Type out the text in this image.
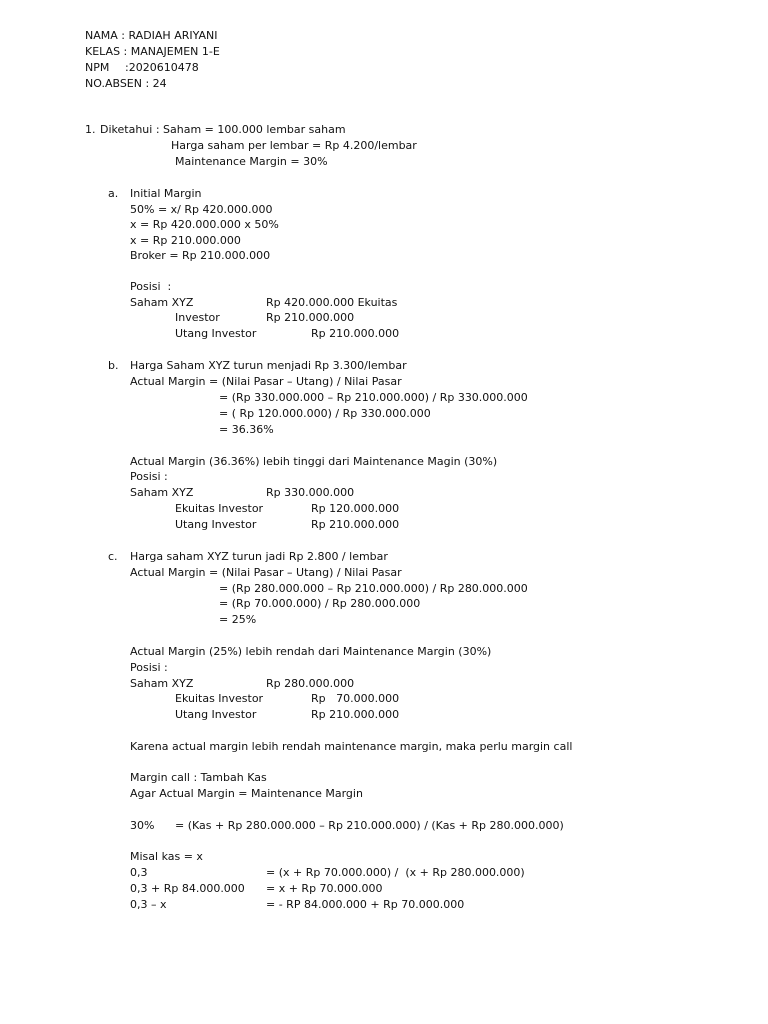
NAMA : RADIAH ARIYANI
KELAS : MANAJEMEN 1-E
NPM :2020610478
NO.ABSEN : 24
1. Diketahui : Saham = 100.000 lembar saham
Harga saham per lembar = Rp 4.200/lembar
Maintenance Margin = 30%
a. Initial Margin
50% = x/ Rp 420.000.000
x = Rp 420.000.000 x 50%
x = Rp 210.000.000
Broker = Rp 210.000.000
Posisi  :
Saham XYZ	Rp 420.000.000 Ekuitas
Investor	Rp 210.000.000
Utang Investor	Rp 210.000.000
b. Harga Saham XYZ turun menjadi Rp 3.300/lembar
Actual Margin = (Nilai Pasar – Utang) / Nilai Pasar
= (Rp 330.000.000 – Rp 210.000.000) / Rp 330.000.000
= ( Rp 120.000.000) / Rp 330.000.000
= 36.36%
Actual Margin (36.36%) lebih tinggi dari Maintenance Magin (30%)
Posisi :
Saham XYZ	Rp 330.000.000
Ekuitas Investor	Rp 120.000.000
Utang Investor	Rp 210.000.000
c. Harga saham XYZ turun jadi Rp 2.800 / lembar
Actual Margin = (Nilai Pasar – Utang) / Nilai Pasar
= (Rp 280.000.000 – Rp 210.000.000) / Rp 280.000.000
= (Rp 70.000.000) / Rp 280.000.000
= 25%
Actual Margin (25%) lebih rendah dari Maintenance Margin (30%)
Posisi :
Saham XYZ	Rp 280.000.000
Ekuitas Investor	Rp   70.000.000
Utang Investor	Rp 210.000.000
Karena actual margin lebih rendah maintenance margin, maka perlu margin call
Margin call : Tambah Kas
Agar Actual Margin = Maintenance Margin
30% = (Kas + Rp 280.000.000 – Rp 210.000.000) / (Kas + Rp 280.000.000)
Misal kas = x
0,3	= (x + Rp 70.000.000) /  (x + Rp 280.000.000)
0,3 + Rp 84.000.000 = x + Rp 70.000.000
0,3 – x	= - RP 84.000.000 + Rp 70.000.000
